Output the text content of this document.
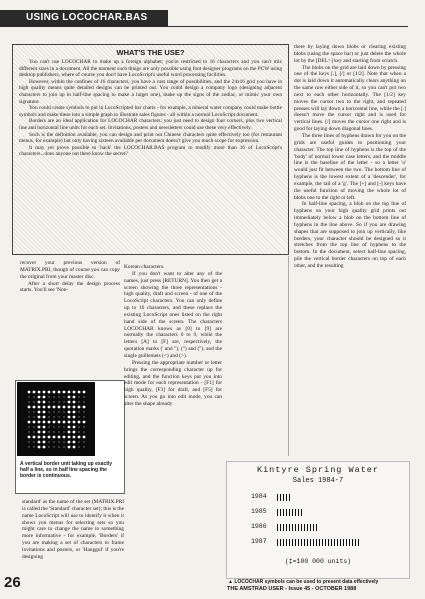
USING LOCOCHAR.BAS
WHAT'S THE USE?

You can't use LOCOCHAR to make up a foreign alphabet; you're restricted to 16 characters and you can't mix different sizes in a document. All the moment such things are only possible using font designer programs on the PCW using desktop publishers, where of course you don't have LocoScript's useful word processing facilities.

However, within the confines of 16 characters, you have a vast range of possibilities, and the 24x16 grid you have in high quality means quite detailed designs can be printed out. You could design a company logo (designing adjacent characters to join up in half-line spacing to make a larger one), make up the signs of the zodiac, or mimic your own signature.

You could create symbols to put in LocoScripted bar charts - for example, a mineral water company could make bottle symbols and make these into a simple graph to illustrate sales figures - all within a normal LocoScript document.

Borders are an ideal application for LOCOCHAR characters; you just need to design four corners, plus two vertical line and horizontal line units for each set. Invitations, posters and newsletters could use these very effectively.

Such is the definition available, you can design and print out Chinese characters quite effectively too (for restaurant menus, for example) but only having sixteen available per document doesn't give you much scope for expression.

It may yet prove possible to 'hack' the LOCOCHAR.BAS program to modify more than 16 of LocoScript's characters...does anyone out there know the secret?

recover your previous version of MATRIX.PRI, though of course you can copy the original from your master disc.

After a short delay the design process starts. You'll see 'Non-

A vertical border unit taking up exactly half a line, so in half line spacing the border is continuous.

standard' as the name of the set (MATRIX.PRI is called the 'Standard' character set); this is the name LocoScript will use to identify it when it shows you menus for selecting sets so you might care to change the name to something more informative - for example, 'Borders' if you are making a set of characters to frame invitations and posters, or 'Hanggul' if you're designing

Korean characters.

If you don't want to alter any of the names, just press [RETURN]. You then get a screen showing the three representations - high quality, draft and screen - of one of the LocoScript characters. You can only define up to 16 characters, and these replace the existing LocoScript ones listed on the right hand side of the screen. The characters LOCOCHAR knows as [0] to [9] are normally the characters 0 to 9, while the letters [A] to [F] are, respectively, the quotation marks (' and "), (") and ("), and the single guillemets (<) and (>).

Pressing the appropriate number or letter brings the corresponding character up for editing, and the function keys put you into edit mode for each representation - [F1] for high quality, [F3] for draft, and [F5] for screen. As you go into edit mode, you can alter the shape already

there by laying down blobs or clearing existing blobs (using the space bar) or just delete the whole lot by the [DEL>] key and starting from scratch.

The blobs on the grid are laid down by pressing one of the keys [.], [/] or [1/2]. Note that when a dot is laid down it automatically clears anything on the same row either side of it, so you can't put two next to each other horizontally. The [1/2] key moves the cursor two to the right, and repeated presses will lay down a horizontal line, while the [.] doesn't move the cursor right and is used for vertical lines. [/] moves the cursor one right and is good for laying down diagonal lines.

The three lines of hyphens drawn for you on the grids are useful guides to positioning your character. The top line of hyphens is the top of the 'body' of normal lower case letters, and the middle line is the baseline of the letter - so a letter 'o' would just fit between the two. The bottom line of hyphens is the lowest extent of a 'descender', for example, the tail of a 'g'. The [+] and [-] keys have the useful function of moving the whole lot of blobs one to the right or left.

In half-line spacing, a blob on the top line of hyphens on your high quality grid prints out immediately below a blob on the bottom line of hyphens in the line above. So if you are drawing shapes that are supposed to join up vertically, like borders, your character should be designed so it stretches from the top line of hyphens to the bottom. In the document, select half-line spacing, pile the vertical border characters on top of each other, and the resulting

Kintyre Spring Water
Sales 1984-7
1984
1985
1986
1987
(‡=100 000 units)
▲ LOCOCHAR symbols can be used to present data effectively
26	THE AMSTRAD USER - Issue 45 - OCTOBER 1988
